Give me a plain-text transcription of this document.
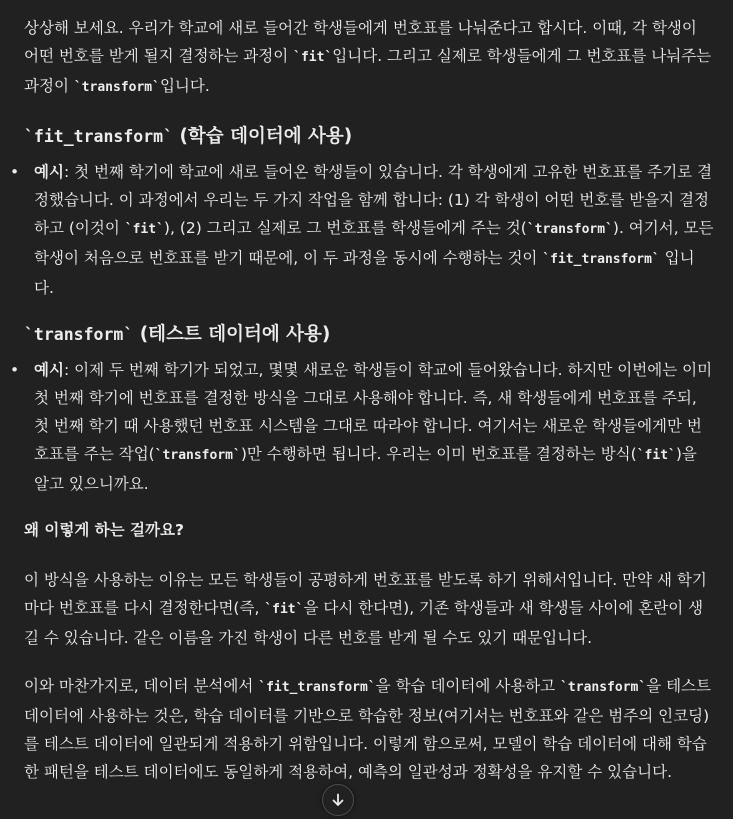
상상해 보세요. 우리가 학교에 새로 들어간 학생들에게 번호표를 나눠준다고 합시다. 이때, 각 학생이 어떤 번호를 받게 될지 결정하는 과정이 `fit`입니다. 그리고 실제로 학생들에게 그 번호표를 나눠주는 과정이 `transform`입니다.

`fit_transform` (학습 데이터에 사용)
• 예시: 첫 번째 학기에 학교에 새로 들어온 학생들이 있습니다. 각 학생에게 고유한 번호표를 주기로 결정했습니다. 이 과정에서 우리는 두 가지 작업을 함께 합니다: (1) 각 학생이 어떤 번호를 받을지 결정하고 (이것이 `fit`), (2) 그리고 실제로 그 번호표를 학생들에게 주는 것(`transform`). 여기서, 모든 학생이 처음으로 번호표를 받기 때문에, 이 두 과정을 동시에 수행하는 것이 `fit_transform` 입니다.
`transform` (테스트 데이터에 사용)
• 예시: 이제 두 번째 학기가 되었고, 몇몇 새로운 학생들이 학교에 들어왔습니다. 하지만 이번에는 이미 첫 번째 학기에 번호표를 결정한 방식을 그대로 사용해야 합니다. 즉, 새 학생들에게 번호표를 주되, 첫 번째 학기 때 사용했던 번호표 시스템을 그대로 따라야 합니다. 여기서는 새로운 학생들에게만 번호표를 주는 작업(`transform`)만 수행하면 됩니다. 우리는 이미 번호표를 결정하는 방식(`fit`)을 알고 있으니까요.
왜 이렇게 하는 걸까요?

이 방식을 사용하는 이유는 모든 학생들이 공평하게 번호표를 받도록 하기 위해서입니다. 만약 새 학기마다 번호표를 다시 결정한다면(즉, `fit`을 다시 한다면), 기존 학생들과 새 학생들 사이에 혼란이 생길 수 있습니다. 같은 이름을 가진 학생이 다른 번호를 받게 될 수도 있기 때문입니다.

이와 마찬가지로, 데이터 분석에서 `fit_transform`을 학습 데이터에 사용하고 `transform`을 테스트 데이터에 사용하는 것은, 학습 데이터를 기반으로 학습한 정보(여기서는 번호표와 같은 범주의 인코딩)를 테스트 데이터에 일관되게 적용하기 위함입니다. 이렇게 함으로써, 모델이 학습 데이터에 대해 학습한 패턴을 테스트 데이터에도 동일하게 적용하여, 예측의 일관성과 정확성을 유지할 수 있습니다.
